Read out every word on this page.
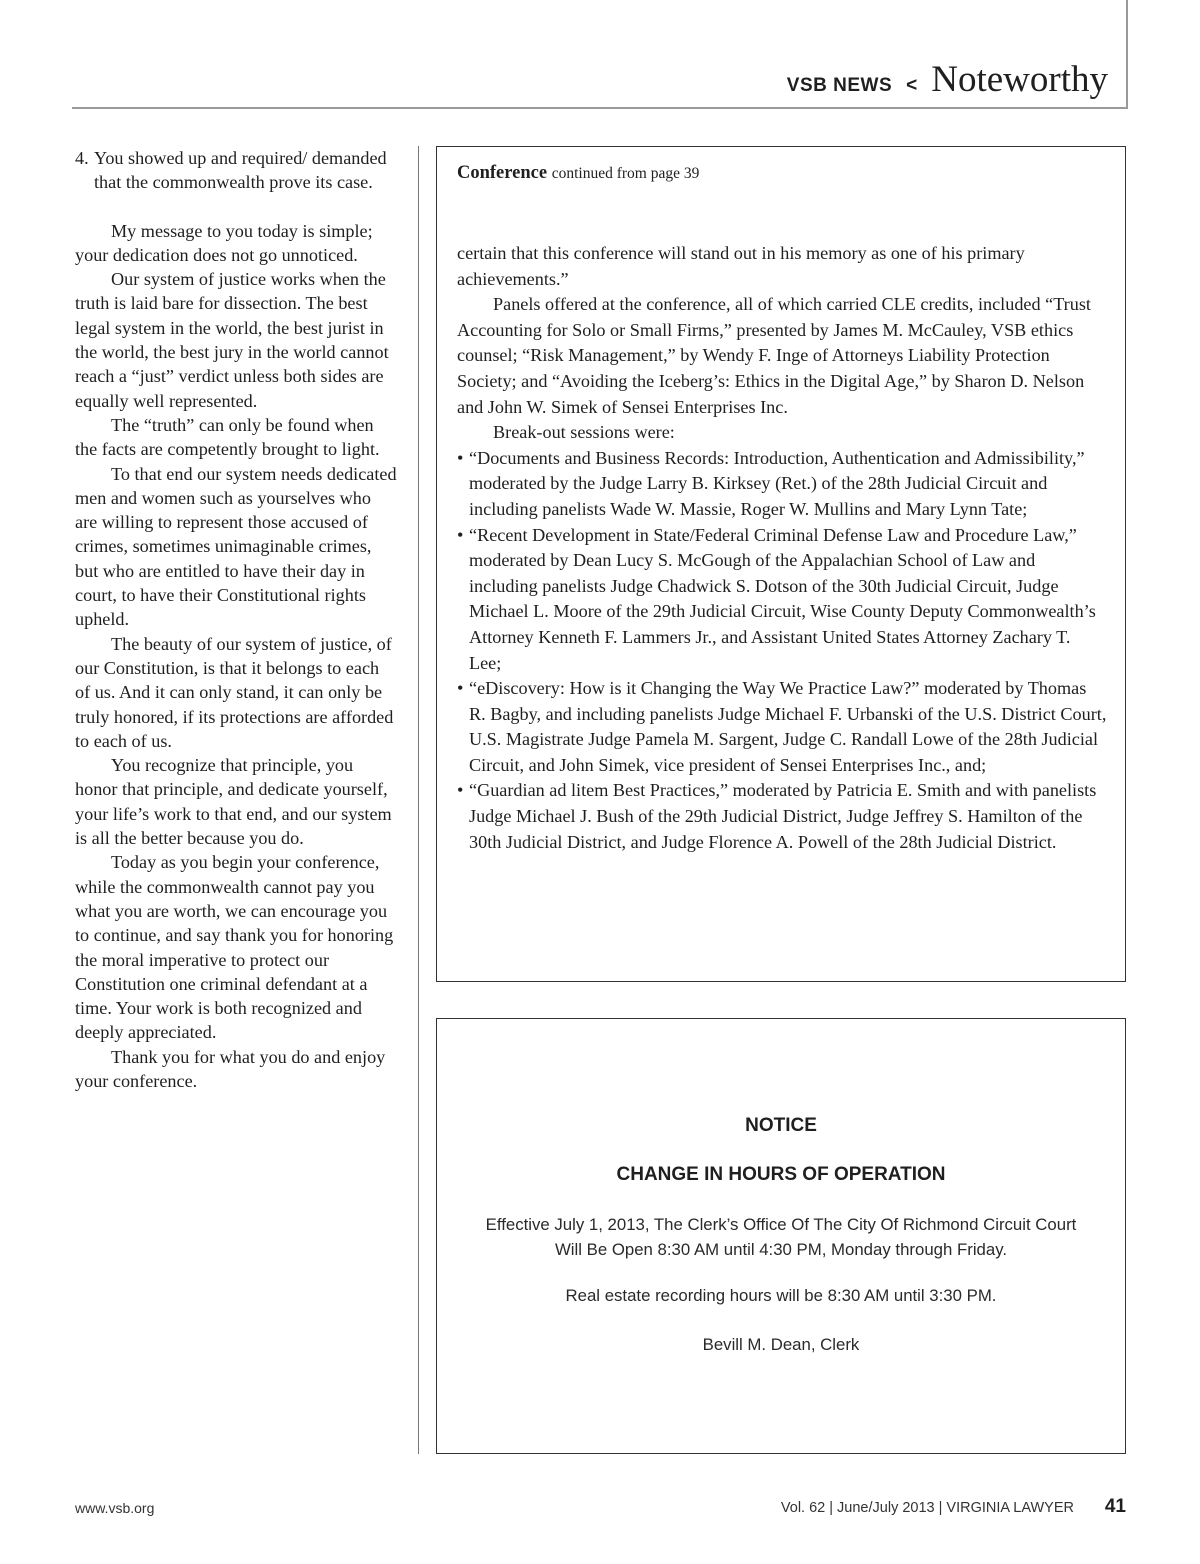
VSB NEWS < Noteworthy
4. You showed up and required/ demanded that the commonwealth prove its case.

My message to you today is simple; your dedication does not go unnoticed.

Our system of justice works when the truth is laid bare for dissection. The best legal system in the world, the best jurist in the world, the best jury in the world cannot reach a “just” verdict unless both sides are equally well represented.

The “truth” can only be found when the facts are competently brought to light.

To that end our system needs dedicated men and women such as yourselves who are willing to represent those accused of crimes, sometimes unimaginable crimes, but who are entitled to have their day in court, to have their Constitutional rights upheld.

The beauty of our system of justice, of our Constitution, is that it belongs to each of us. And it can only stand, it can only be truly honored, if its protections are afforded to each of us.

You recognize that principle, you honor that principle, and dedicate yourself, your life’s work to that end, and our system is all the better because you do.

Today as you begin your conference, while the commonwealth cannot pay you what you are worth, we can encourage you to continue, and say thank you for honoring the moral imperative to protect our Constitution one criminal defendant at a time. Your work is both recognized and deeply appreciated.

Thank you for what you do and enjoy your conference.

Conference continued from page 39

certain that this conference will stand out in his memory as one of his primary achievements.”

Panels offered at the conference, all of which carried CLE credits, included “Trust Accounting for Solo or Small Firms,” presented by James M. McCauley, VSB ethics counsel; “Risk Management,” by Wendy F. Inge of Attorneys Liability Protection Society; and “Avoiding the Iceberg’s: Ethics in the Digital Age,” by Sharon D. Nelson and John W. Simek of Sensei Enterprises Inc.

Break-out sessions were:

• “Documents and Business Records: Introduction, Authentication and Admissibility,” moderated by the Judge Larry B. Kirksey (Ret.) of the 28th Judicial Circuit and including panelists Wade W. Massie, Roger W. Mullins and Mary Lynn Tate;
• “Recent Development in State/Federal Criminal Defense Law and Procedure Law,” moderated by Dean Lucy S. McGough of the Appalachian School of Law and including panelists Judge Chadwick S. Dotson of the 30th Judicial Circuit, Judge Michael L. Moore of the 29th Judicial Circuit, Wise County Deputy Commonwealth’s Attorney Kenneth F. Lammers Jr., and Assistant United States Attorney Zachary T. Lee;
• “eDiscovery: How is it Changing the Way We Practice Law?” moderated by Thomas R. Bagby, and including panelists Judge Michael F. Urbanski of the U.S. District Court, U.S. Magistrate Judge Pamela M. Sargent, Judge C. Randall Lowe of the 28th Judicial Circuit, and John Simek, vice president of Sensei Enterprises Inc., and;
• “Guardian ad litem Best Practices,” moderated by Patricia E. Smith and with panelists Judge Michael J. Bush of the 29th Judicial District, Judge Jeffrey S. Hamilton of the 30th Judicial District, and Judge Florence A. Powell of the 28th Judicial District.
NOTICE
CHANGE IN HOURS OF OPERATION

Effective July 1, 2013, The Clerk’s Office Of The City Of Richmond Circuit Court

Will Be Open 8:30 AM until 4:30 PM, Monday through Friday.

Real estate recording hours will be 8:30 AM until 3:30 PM.
Bevill M. Dean, Clerk
www.vsb.org	Vol. 62 | June/July 2013 | VIRGINIA LAWYER 41
